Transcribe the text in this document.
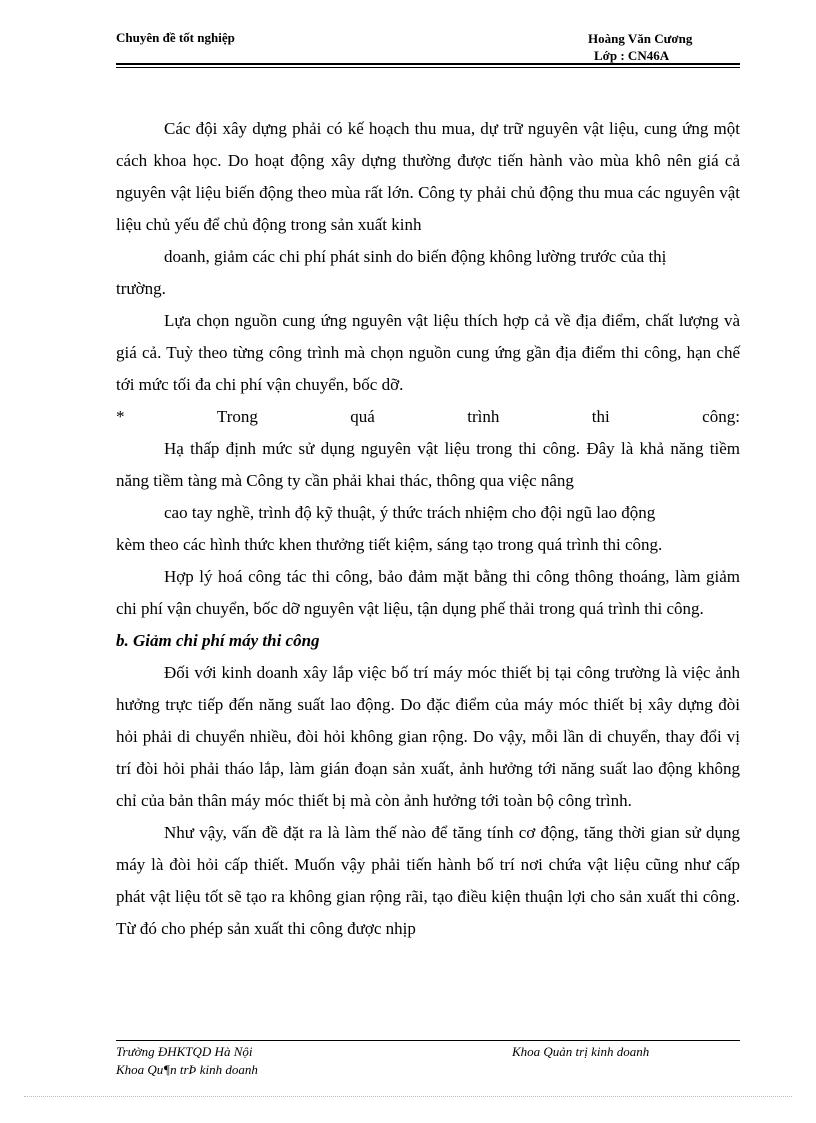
Chuyên đề tốt nghiệp	Hoàng Văn Cương
Lớp : CN46A

Các đội xây dựng phải có kế hoạch thu mua, dự trữ nguyên vật liệu, cung ứng một cách khoa học. Do hoạt động xây dựng thường được tiến hành vào mùa khô nên giá cả nguyên vật liệu biến động theo mùa rất lớn. Công ty phải chủ động thu mua các nguyên vật liệu chủ yếu để chủ động trong sản xuất kinh

doanh, giảm các chi phí phát sinh do biến động không lường trước của thị

trường.

Lựa chọn nguồn cung ứng nguyên vật liệu thích hợp cả về địa điểm, chất lượng và giá cả. Tuỳ theo từng công trình mà chọn nguồn cung ứng gần địa điểm thi công, hạn chế tới mức tối đa chi phí vận chuyển, bốc dỡ.

*	Trong	quá	trình	thi	công:

Hạ thấp định mức sử dụng nguyên vật liệu trong thi công. Đây là khả năng tiềm năng tiềm tàng mà Công ty cần phải khai thác, thông qua việc nâng

cao tay nghề, trình độ kỹ thuật, ý thức trách nhiệm cho đội ngũ lao động

kèm theo các hình thức khen thưởng tiết kiệm, sáng tạo trong quá trình thi công.

Hợp lý hoá công tác thi công, bảo đảm mặt bằng thi công thông thoáng, làm giảm chi phí vận chuyển, bốc dỡ nguyên vật liệu, tận dụng phế thải trong quá trình thi công.

b. Giảm chi phí máy thi công

Đối với kinh doanh xây lắp việc bố trí máy móc thiết bị tại công trường là việc ảnh hưởng trực tiếp đến năng suất lao động. Do đặc điểm của máy móc thiết bị xây dựng đòi hỏi phải di chuyển nhiều, đòi hỏi không gian rộng. Do vậy, mỗi lần di chuyển, thay đổi vị trí đòi hỏi phải tháo lắp, làm gián đoạn sản xuất, ảnh hưởng tới năng suất lao động không chỉ của bản thân máy móc thiết bị mà còn ảnh hưởng tới toàn bộ công trình.

Như vậy, vấn đề đặt ra là làm thế nào để tăng tính cơ động, tăng thời gian sử dụng máy là đòi hỏi cấp thiết. Muốn vậy phải tiến hành bố trí nơi chứa vật liệu cũng như cấp phát vật liệu tốt sẽ tạo ra không gian rộng rãi, tạo điều kiện thuận lợi cho sản xuất thi công. Từ đó cho phép sản xuất thi công được nhịp

Trường ĐHKTQD Hà Nội
Khoa Qu¶n trÞ kinh doanh
Khoa Quản trị kinh doanh
